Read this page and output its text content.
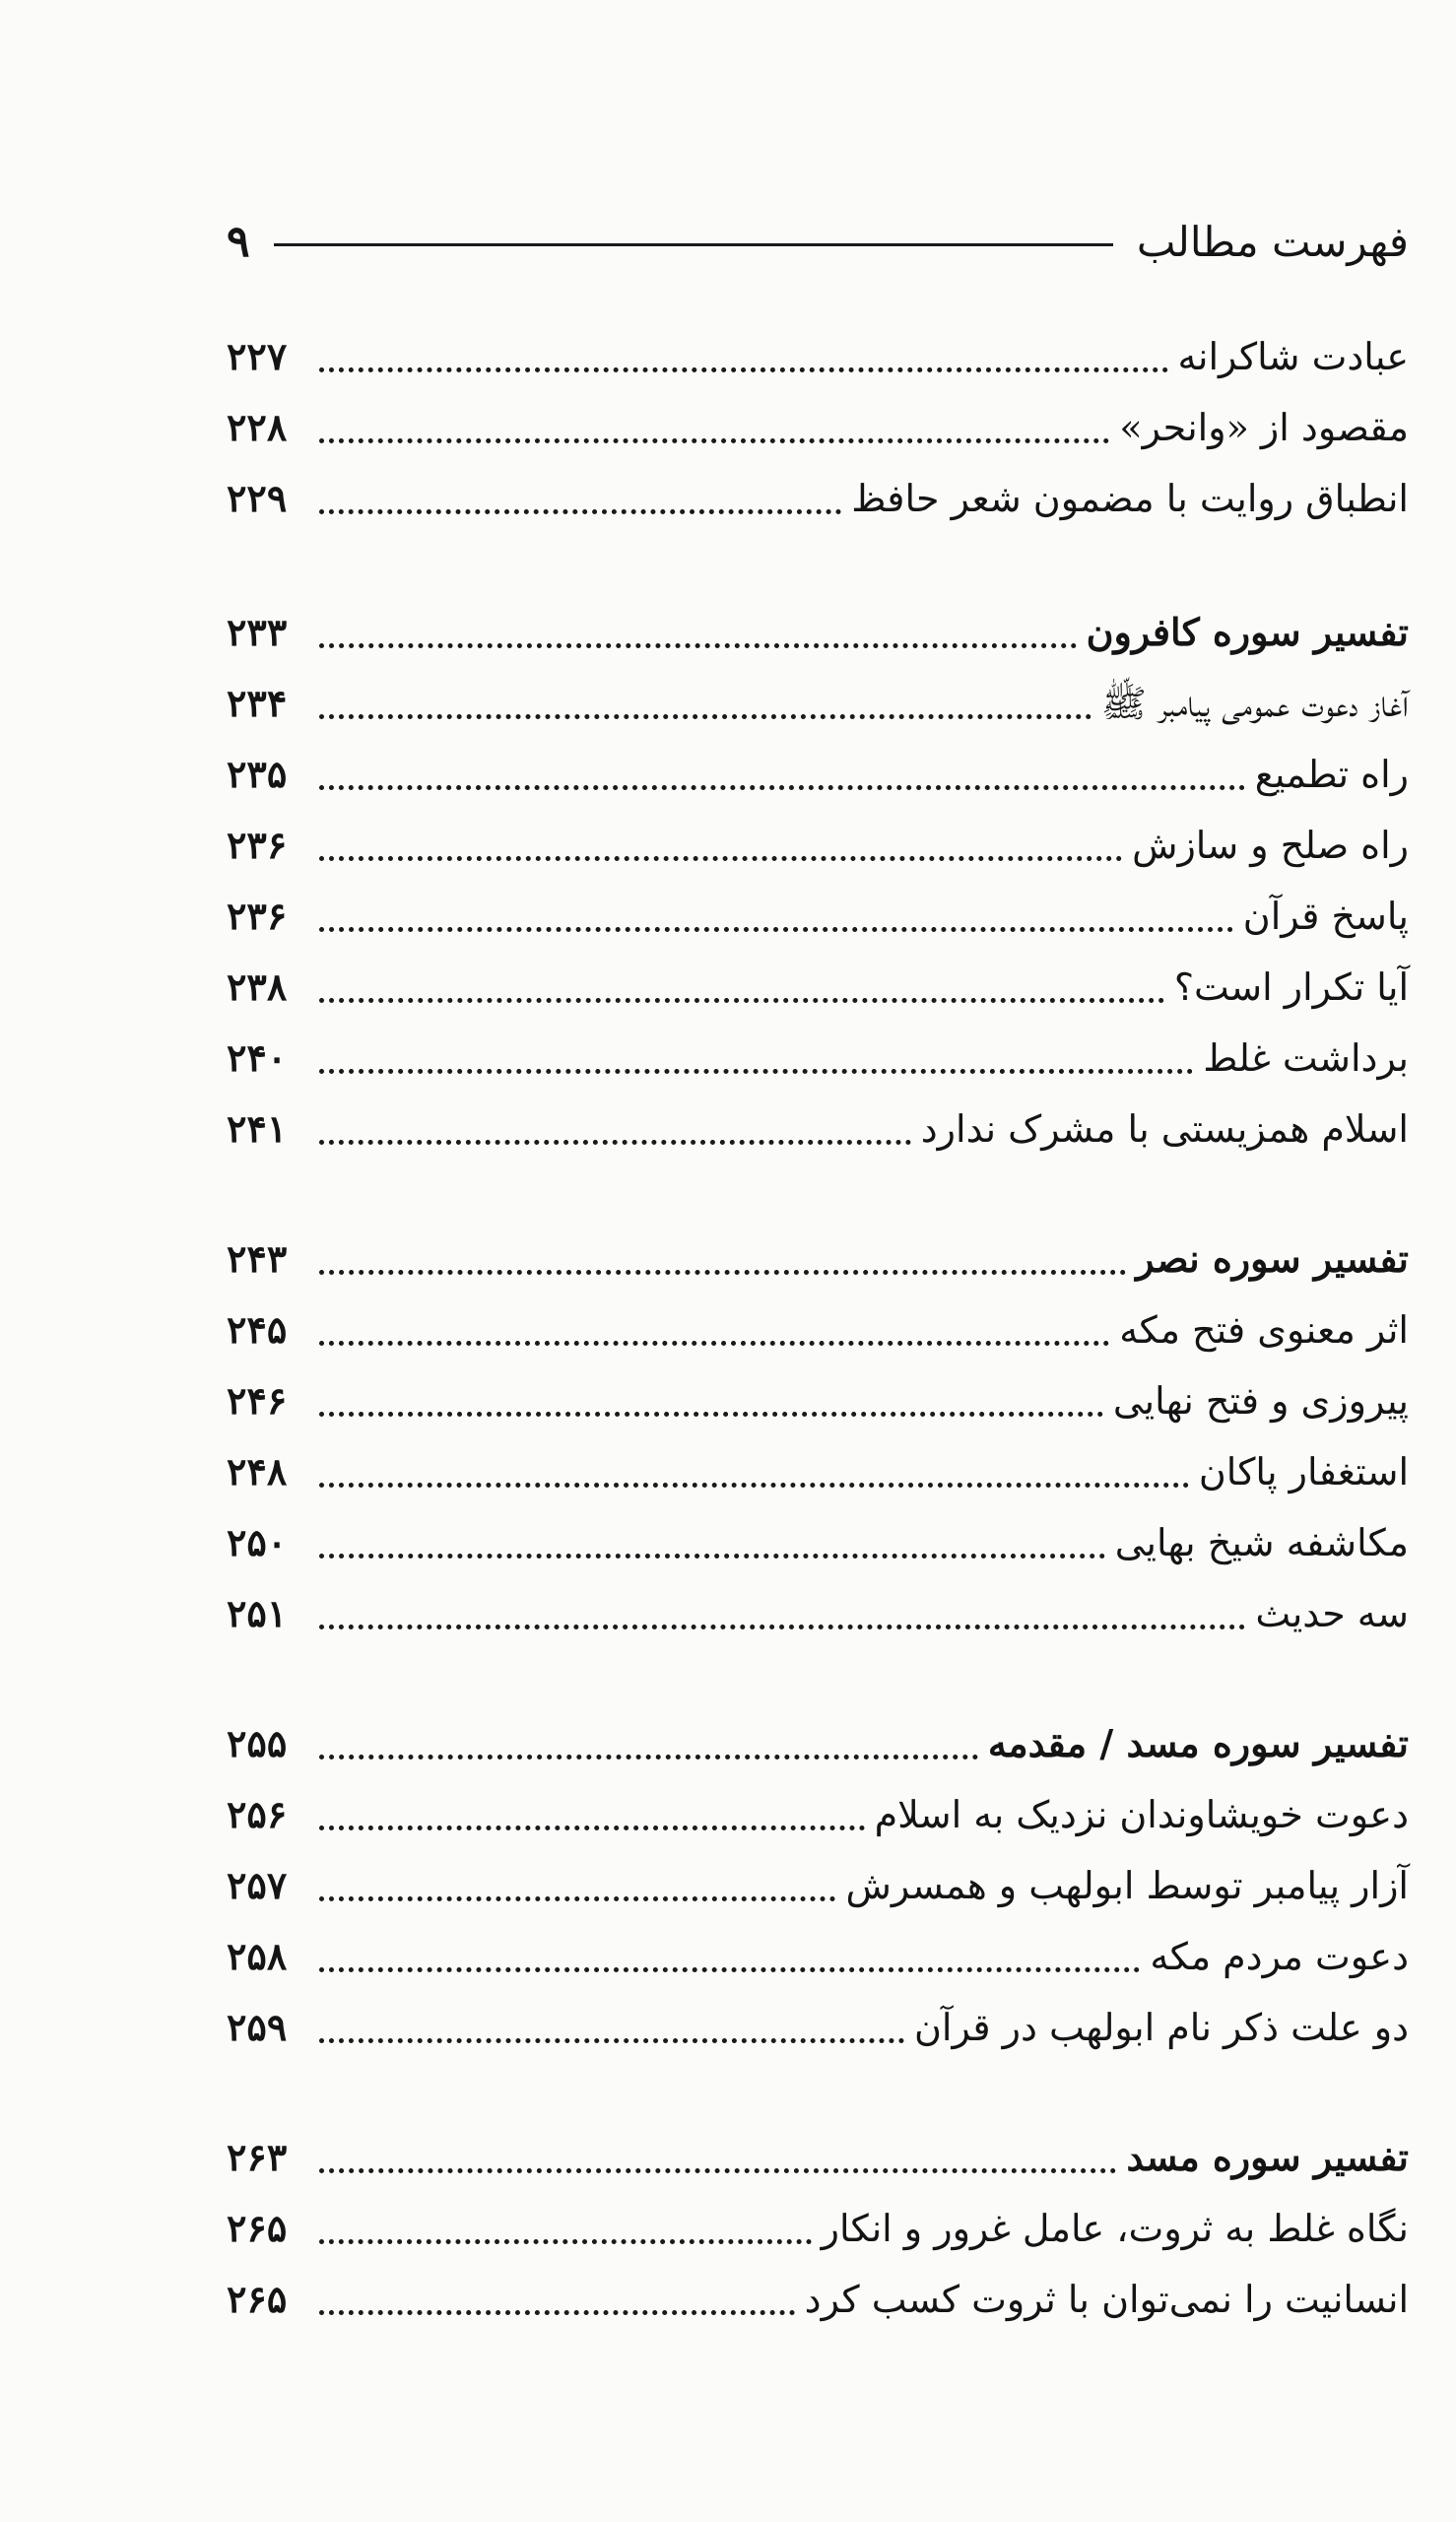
فهرست مطالب
۹
عبادت شاکرانه
۲۲۷
مقصود از «وانحر»
۲۲۸
انطباق روایت با مضمون شعر حافظ
۲۲۹
تفسیر سوره کافرون
۲۳۳
آغاز دعوت عمومی پیامبر ﷺ
۲۳۴
راه تطمیع
۲۳۵
راه صلح و سازش
۲۳۶
پاسخ قرآن
۲۳۶
آیا تکرار است؟
۲۳۸
برداشت غلط
۲۴۰
اسلام همزیستی با مشرک ندارد
۲۴۱
تفسیر سوره نصر
۲۴۳
اثر معنوی فتح مکه
۲۴۵
پیروزی و فتح نهایی
۲۴۶
استغفار پاکان
۲۴۸
مکاشفه شیخ بهایی
۲۵۰
سه حدیث
۲۵۱
تفسیر سوره مسد / مقدمه
۲۵۵
دعوت خویشاوندان نزدیک به اسلام
۲۵۶
آزار پیامبر توسط ابولهب و همسرش
۲۵۷
دعوت مردم مکه
۲۵۸
دو علت ذکر نام ابولهب در قرآن
۲۵۹
تفسیر سوره مسد
۲۶۳
نگاه غلط به ثروت، عامل غرور و انکار
۲۶۵
انسانیت را نمی‌توان با ثروت کسب کرد
۲۶۵
